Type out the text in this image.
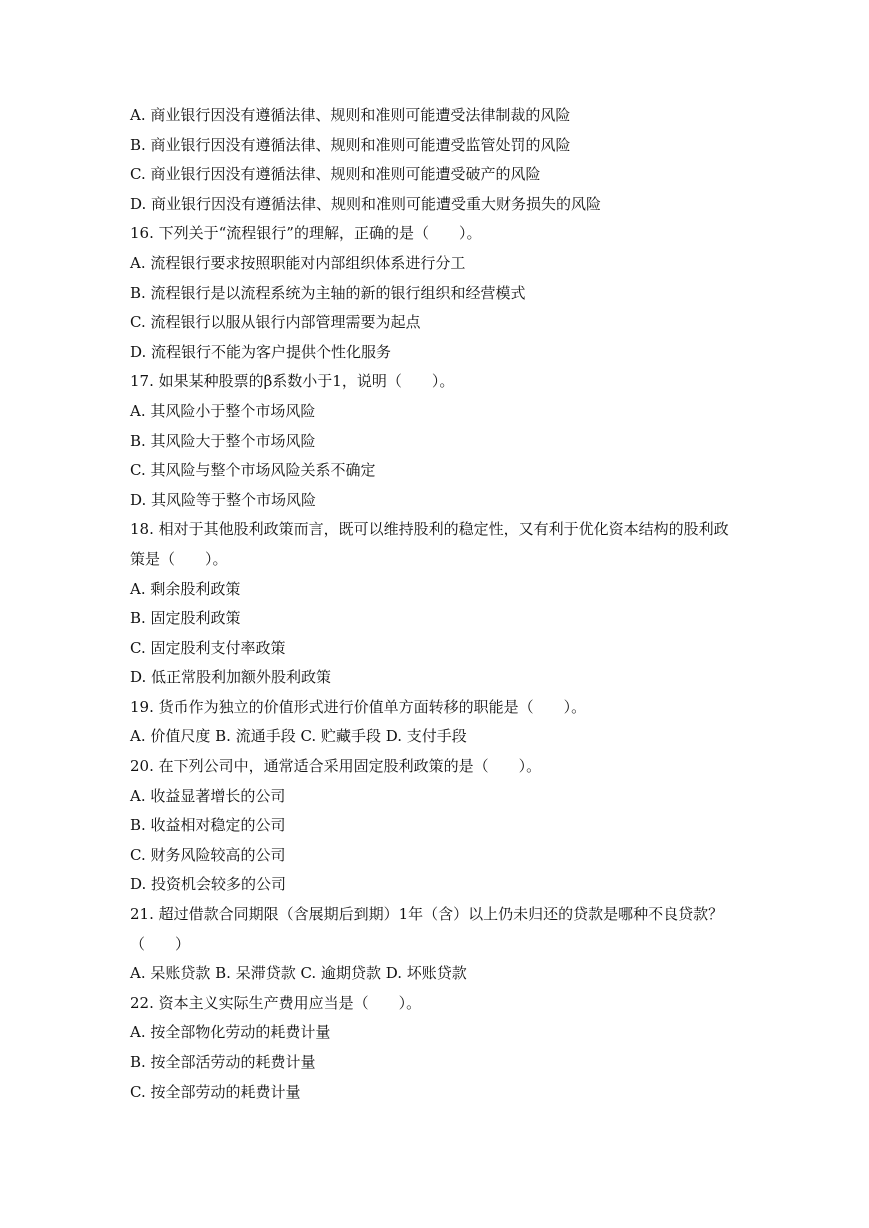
A. 商业银行因没有遵循法律、规则和准则可能遭受法律制裁的风险
B. 商业银行因没有遵循法律、规则和准则可能遭受监管处罚的风险
C. 商业银行因没有遵循法律、规则和准则可能遭受破产的风险
D. 商业银行因没有遵循法律、规则和准则可能遭受重大财务损失的风险
16. 下列关于“流程银行”的理解，正确的是（　　）。
A. 流程银行要求按照职能对内部组织体系进行分工
B. 流程银行是以流程系统为主轴的新的银行组织和经营模式
C. 流程银行以服从银行内部管理需要为起点
D. 流程银行不能为客户提供个性化服务
17. 如果某种股票的β系数小于1，说明（　　）。
A. 其风险小于整个市场风险
B. 其风险大于整个市场风险
C. 其风险与整个市场风险关系不确定
D. 其风险等于整个市场风险
18. 相对于其他股利政策而言，既可以维持股利的稳定性，又有利于优化资本结构的股利政
策是（　　）。
A. 剩余股利政策
B. 固定股利政策
C. 固定股利支付率政策
D. 低正常股利加额外股利政策
19. 货币作为独立的价值形式进行价值单方面转移的职能是（　　）。
A. 价值尺度 B. 流通手段 C. 贮藏手段 D. 支付手段
20. 在下列公司中，通常适合采用固定股利政策的是（　　）。
A. 收益显著增长的公司
B. 收益相对稳定的公司
C. 财务风险较高的公司
D. 投资机会较多的公司
21. 超过借款合同期限（含展期后到期）1年（含）以上仍未归还的贷款是哪种不良贷款？
（　　）
A. 呆账贷款 B. 呆滞贷款 C. 逾期贷款 D. 坏账贷款
22. 资本主义实际生产费用应当是（　　）。
A. 按全部物化劳动的耗费计量
B. 按全部活劳动的耗费计量
C. 按全部劳动的耗费计量
